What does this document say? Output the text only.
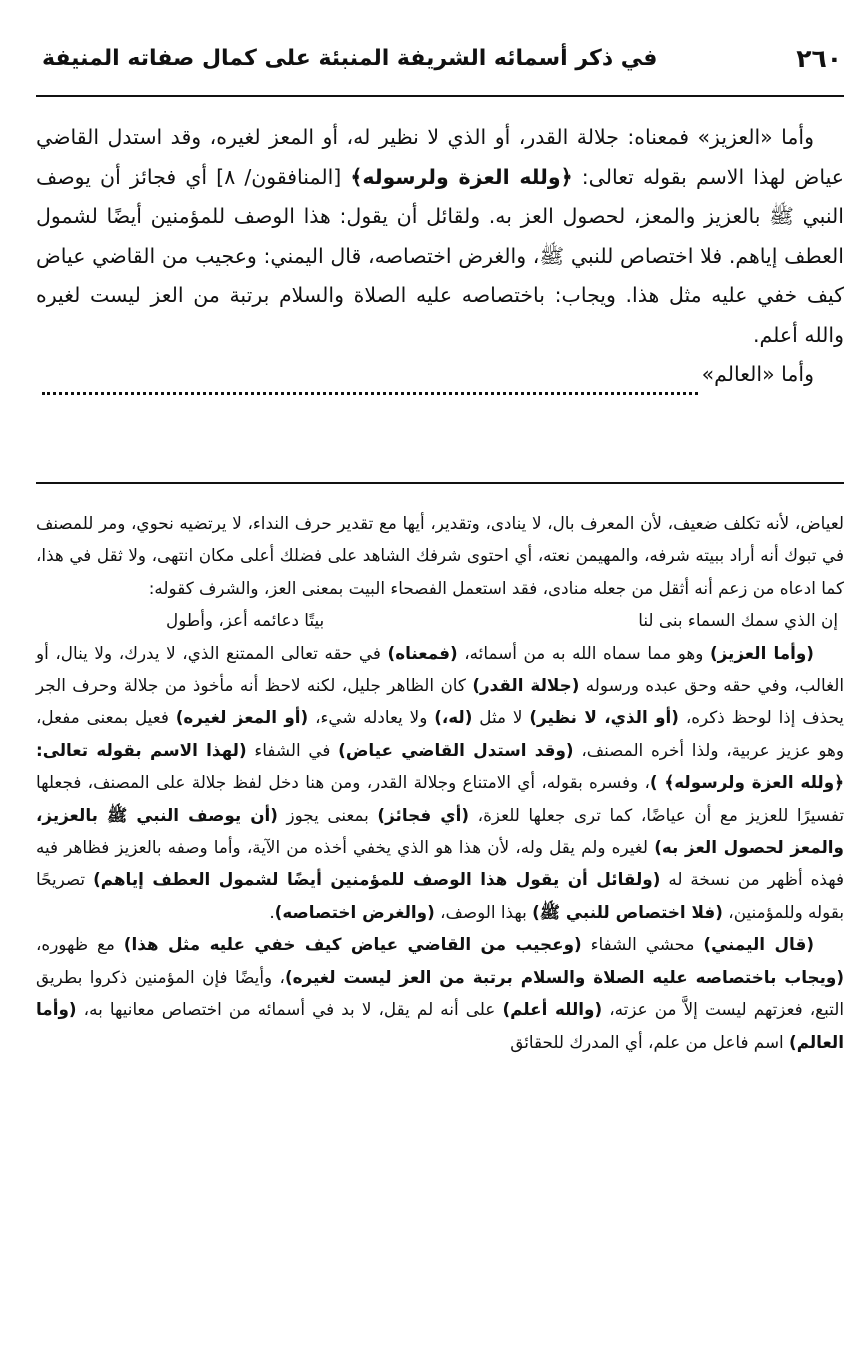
٢٦٠
في ذكر أسمائه الشريفة المنبئة على كمال صفاته المنيفة

وأما «العزيز» فمعناه: جلالة القدر، أو الذي لا نظير له، أو المعز لغيره، وقد استدل القاضي عياض لهذا الاسم بقوله تعالى: ﴿ولله العزة ولرسوله﴾ [المنافقون/ ٨] أي فجائز أن يوصف النبي ﷺ بالعزيز والمعز، لحصول العز به. ولقائل أن يقول: هذا الوصف للمؤمنين أيضًا لشمول العطف إياهم. فلا اختصاص للنبي ﷺ، والغرض اختصاصه، قال اليمني: وعجيب من القاضي عياض كيف خفي عليه مثل هذا. ويجاب: باختصاصه عليه الصلاة والسلام برتبة من العز ليست لغيره والله أعلم.

وأما «العالم»

لعياض، لأنه تكلف ضعيف، لأن المعرف بال، لا ينادى، وتقدير، أيها مع تقدير حرف النداء، لا يرتضيه نحوي، ومر للمصنف في تبوك أنه أراد ببيته شرفه، والمهيمن نعته، أي احتوى شرفك الشاهد على فضلك أعلى مكان انتهى، ولا ثقل في هذا، كما ادعاه من زعم أنه أثقل من جعله منادى، فقد استعمل الفصحاء البيت بمعنى العز، والشرف كقوله:

إن الذي سمك السماء بنى لنا
بيتًا دعائمه أعز، وأطول

(وأما العزيز) وهو مما سماه الله به من أسمائه، (فمعناه) في حقه تعالى الممتنع الذي، لا يدرك، ولا ينال، أو الغالب، وفي حقه وحق عبده ورسوله (جلالة القدر) كان الظاهر جليل، لكنه لاحظ أنه مأخوذ من جلالة وحرف الجر يحذف إذا لوحظ ذكره، (أو الذي، لا نظير) لا مثل (له،) ولا يعادله شيء، (أو المعز لغيره) فعيل بمعنى مفعل، وهو عزيز عربية، ولذا أخره المصنف، (وقد استدل القاضي عياض) في الشفاء (لهذا الاسم بقوله تعالى: ﴿ولله العزة ولرسوله﴾ )، وفسره بقوله، أي الامتناع وجلالة القدر، ومن هنا دخل لفظ جلالة على المصنف، فجعلها تفسيرًا للعزيز مع أن عياضًا، كما ترى جعلها للعزة، (أي فجائز) بمعنى يجوز (أن يوصف النبي ﷺ بالعزيز، والمعز لحصول العز به) لغيره ولم يقل وله، لأن هذا هو الذي يخفي أخذه من الآية، وأما وصفه بالعزيز فظاهر فيه فهذه أظهر من نسخة له (ولقائل أن يقول هذا الوصف للمؤمنين أيضًا لشمول العطف إياهم) تصريحًا بقوله وللمؤمنين، (فلا اختصاص للنبي ﷺ) بهذا الوصف، (والغرض اختصاصه).

(قال اليمني) محشي الشفاء (وعجيب من القاضي عياض كيف خفي عليه مثل هذا) مع ظهوره، (ويجاب باختصاصه عليه الصلاة والسلام برتبة من العز ليست لغيره)، وأيضًا فإن المؤمنين ذكروا بطريق التبع، فعزتهم ليست إلاَّ من عزته، (والله أعلم) على أنه لم يقل، لا بد في أسمائه من اختصاص معانيها به، (وأما العالم) اسم فاعل من علم، أي المدرك للحقائق
